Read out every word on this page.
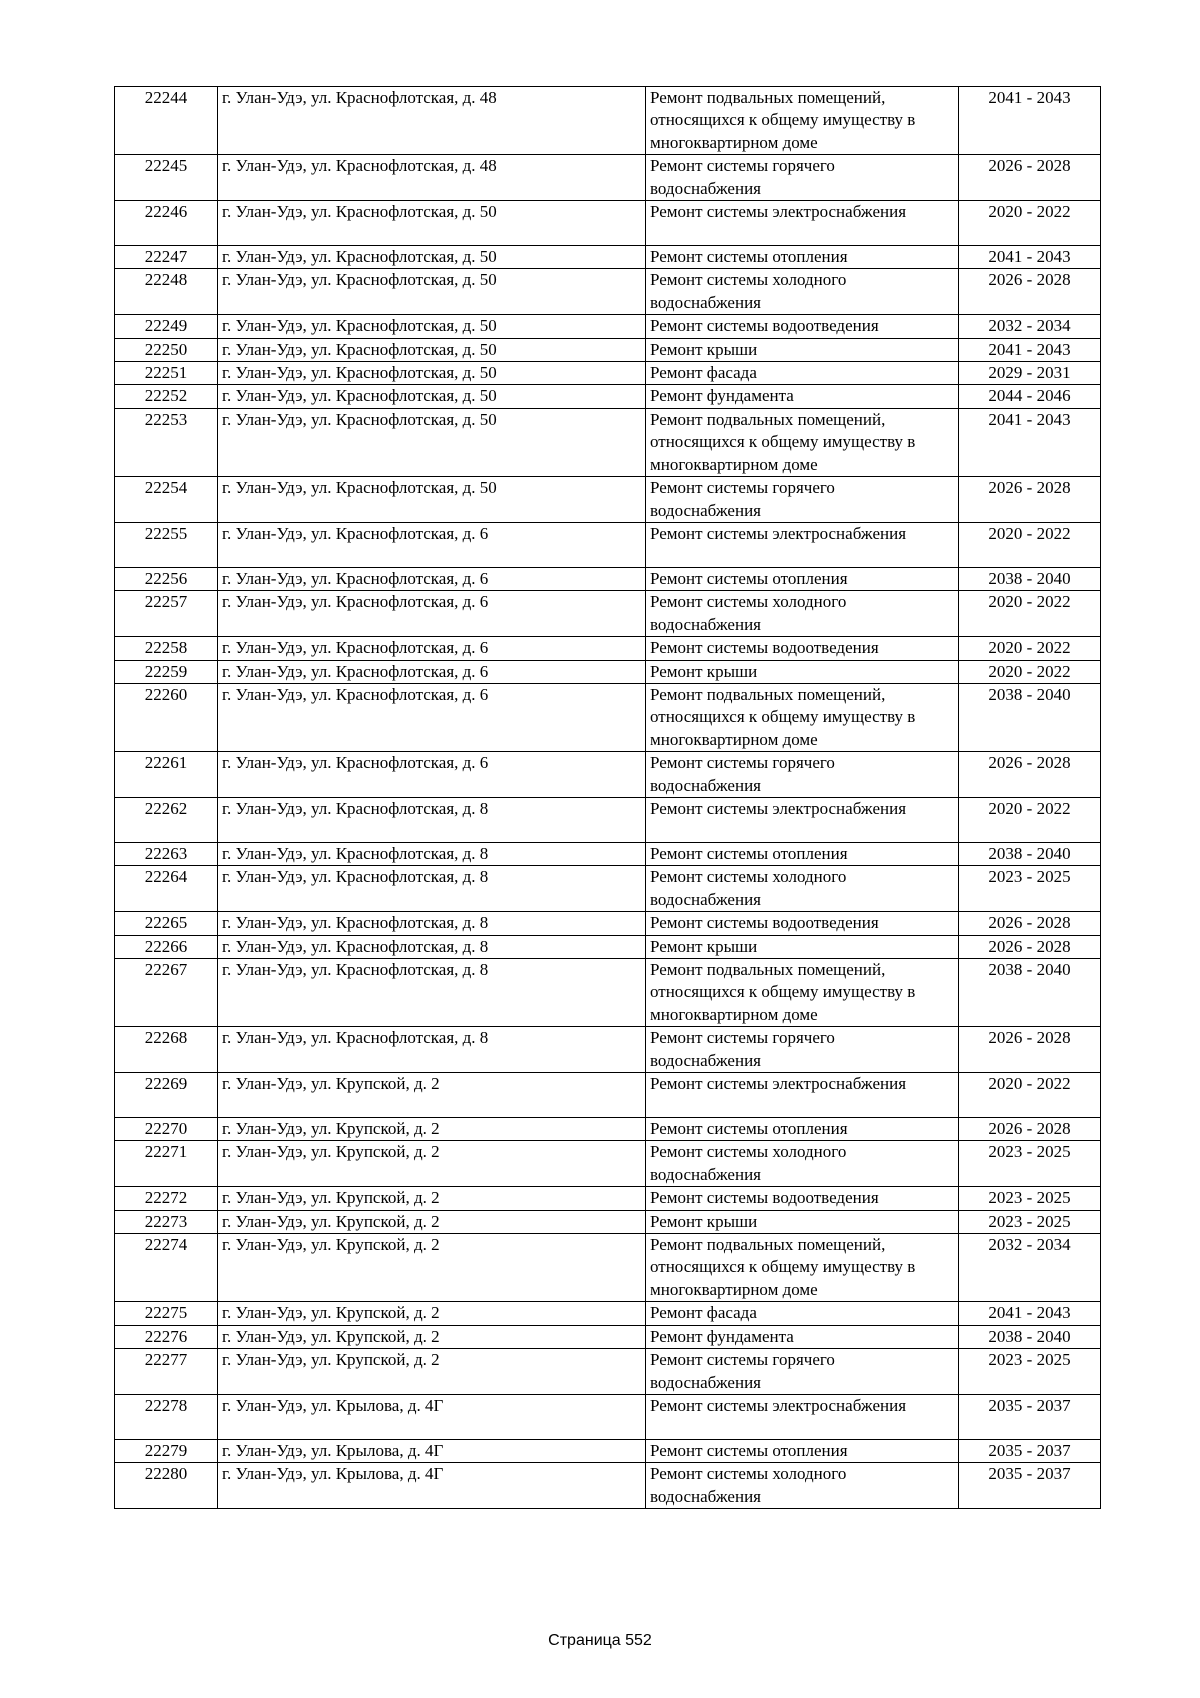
22244	г. Улан-Удэ, ул. Краснофлотская, д. 48	Ремонт подвальных помещений,
относящихся к общему имуществу в
многоквартирном доме	2041 - 2043
22245	г. Улан-Удэ, ул. Краснофлотская, д. 48	Ремонт системы горячего
водоснабжения	2026 - 2028
22246	г. Улан-Удэ, ул. Краснофлотская, д. 50	Ремонт системы электроснабжения	2020 - 2022
22247	г. Улан-Удэ, ул. Краснофлотская, д. 50	Ремонт системы отопления	2041 - 2043
22248	г. Улан-Удэ, ул. Краснофлотская, д. 50	Ремонт системы холодного
водоснабжения	2026 - 2028
22249	г. Улан-Удэ, ул. Краснофлотская, д. 50	Ремонт системы водоотведения	2032 - 2034
22250	г. Улан-Удэ, ул. Краснофлотская, д. 50	Ремонт крыши	2041 - 2043
22251	г. Улан-Удэ, ул. Краснофлотская, д. 50	Ремонт фасада	2029 - 2031
22252	г. Улан-Удэ, ул. Краснофлотская, д. 50	Ремонт фундамента	2044 - 2046
22253	г. Улан-Удэ, ул. Краснофлотская, д. 50	Ремонт подвальных помещений,
относящихся к общему имуществу в
многоквартирном доме	2041 - 2043
22254	г. Улан-Удэ, ул. Краснофлотская, д. 50	Ремонт системы горячего
водоснабжения	2026 - 2028
22255	г. Улан-Удэ, ул. Краснофлотская, д. 6	Ремонт системы электроснабжения	2020 - 2022
22256	г. Улан-Удэ, ул. Краснофлотская, д. 6	Ремонт системы отопления	2038 - 2040
22257	г. Улан-Удэ, ул. Краснофлотская, д. 6	Ремонт системы холодного
водоснабжения	2020 - 2022
22258	г. Улан-Удэ, ул. Краснофлотская, д. 6	Ремонт системы водоотведения	2020 - 2022
22259	г. Улан-Удэ, ул. Краснофлотская, д. 6	Ремонт крыши	2020 - 2022
22260	г. Улан-Удэ, ул. Краснофлотская, д. 6	Ремонт подвальных помещений,
относящихся к общему имуществу в
многоквартирном доме	2038 - 2040
22261	г. Улан-Удэ, ул. Краснофлотская, д. 6	Ремонт системы горячего
водоснабжения	2026 - 2028
22262	г. Улан-Удэ, ул. Краснофлотская, д. 8	Ремонт системы электроснабжения	2020 - 2022
22263	г. Улан-Удэ, ул. Краснофлотская, д. 8	Ремонт системы отопления	2038 - 2040
22264	г. Улан-Удэ, ул. Краснофлотская, д. 8	Ремонт системы холодного
водоснабжения	2023 - 2025
22265	г. Улан-Удэ, ул. Краснофлотская, д. 8	Ремонт системы водоотведения	2026 - 2028
22266	г. Улан-Удэ, ул. Краснофлотская, д. 8	Ремонт крыши	2026 - 2028
22267	г. Улан-Удэ, ул. Краснофлотская, д. 8	Ремонт подвальных помещений,
относящихся к общему имуществу в
многоквартирном доме	2038 - 2040
22268	г. Улан-Удэ, ул. Краснофлотская, д. 8	Ремонт системы горячего
водоснабжения	2026 - 2028
22269	г. Улан-Удэ, ул. Крупской, д. 2	Ремонт системы электроснабжения	2020 - 2022
22270	г. Улан-Удэ, ул. Крупской, д. 2	Ремонт системы отопления	2026 - 2028
22271	г. Улан-Удэ, ул. Крупской, д. 2	Ремонт системы холодного
водоснабжения	2023 - 2025
22272	г. Улан-Удэ, ул. Крупской, д. 2	Ремонт системы водоотведения	2023 - 2025
22273	г. Улан-Удэ, ул. Крупской, д. 2	Ремонт крыши	2023 - 2025
22274	г. Улан-Удэ, ул. Крупской, д. 2	Ремонт подвальных помещений,
относящихся к общему имуществу в
многоквартирном доме	2032 - 2034
22275	г. Улан-Удэ, ул. Крупской, д. 2	Ремонт фасада	2041 - 2043
22276	г. Улан-Удэ, ул. Крупской, д. 2	Ремонт фундамента	2038 - 2040
22277	г. Улан-Удэ, ул. Крупской, д. 2	Ремонт системы горячего
водоснабжения	2023 - 2025
22278	г. Улан-Удэ, ул. Крылова, д. 4Г	Ремонт системы электроснабжения	2035 - 2037
22279	г. Улан-Удэ, ул. Крылова, д. 4Г	Ремонт системы отопления	2035 - 2037
22280	г. Улан-Удэ, ул. Крылова, д. 4Г	Ремонт системы холодного
водоснабжения	2035 - 2037
Страница 552
